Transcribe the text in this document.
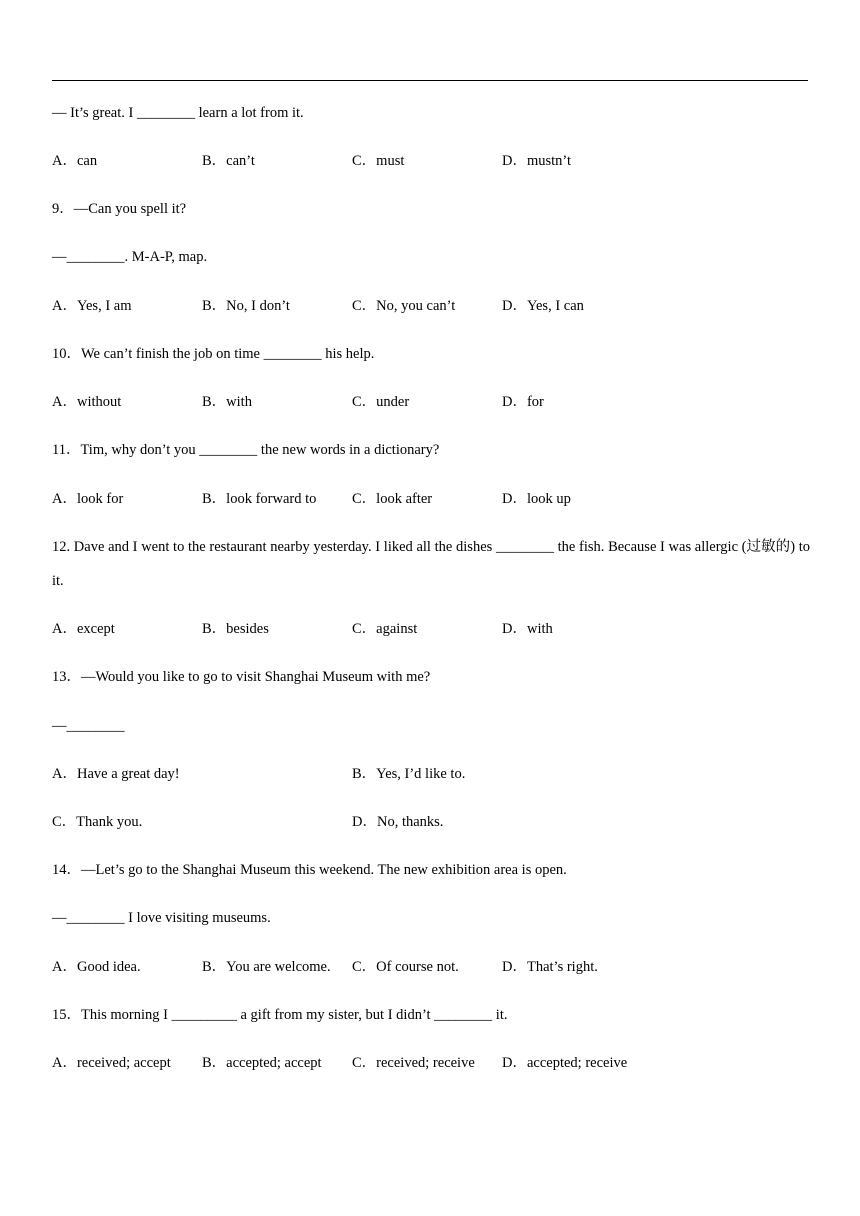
— It’s great. I ________ learn a lot from it.
A．can	B．can’t	C．must	D．mustn’t
9．—Can you spell it?
—________. M-A-P, map.
A．Yes, I am	B．No, I don’t	C．No, you can’t	D．Yes, I can
10．We can’t finish the job on time ________ his help.
A．without	B．with	C．under	D．for
11．Tim, why don’t you ________ the new words in a dictionary?
A．look for	B．look forward to C．look after	D．look up
12. Dave and I went to the restaurant nearby yesterday. I liked all the dishes ________ the fish. Because I was allergic (过敏的) to it.
A．except	B．besides	C．against	D．with
13．—Would you like to go to visit Shanghai Museum with me?
—________
A．Have a great day!	B．Yes, I’d like to.
C．Thank you.	D．No, thanks.
14．—Let’s go to the Shanghai Museum this weekend. The new exhibition area is open.
—________ I love visiting museums.
A．Good idea.	B．You are welcome. C．Of course not.	D．That’s right.
15．This morning I _________ a gift from my sister, but I didn’t ________ it.
A．received; accept B．accepted; accept C．received; receive D．accepted; receive
